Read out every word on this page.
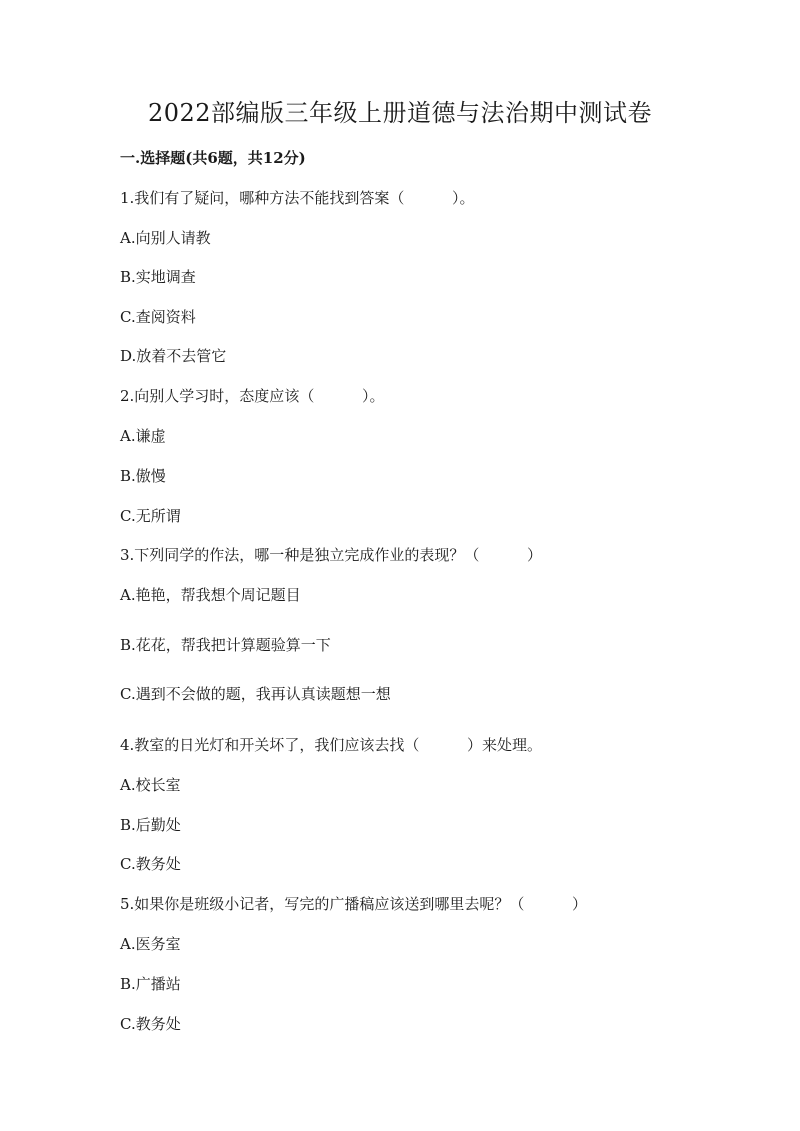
2022部编版三年级上册道德与法治期中测试卷
一.选择题(共6题，共12分)
1.我们有了疑问，哪种方法不能找到答案（          ）。
A.向别人请教
B.实地调查
C.查阅资料
D.放着不去管它
2.向别人学习时，态度应该（          ）。
A.谦虚
B.傲慢
C.无所谓
3.下列同学的作法，哪一种是独立完成作业的表现？（          ）
A.艳艳，帮我想个周记题目
B.花花，帮我把计算题验算一下
C.遇到不会做的题，我再认真读题想一想
4.教室的日光灯和开关坏了，我们应该去找（          ）来处理。
A.校长室
B.后勤处
C.教务处
5.如果你是班级小记者，写完的广播稿应该送到哪里去呢？（          ）
A.医务室
B.广播站
C.教务处
